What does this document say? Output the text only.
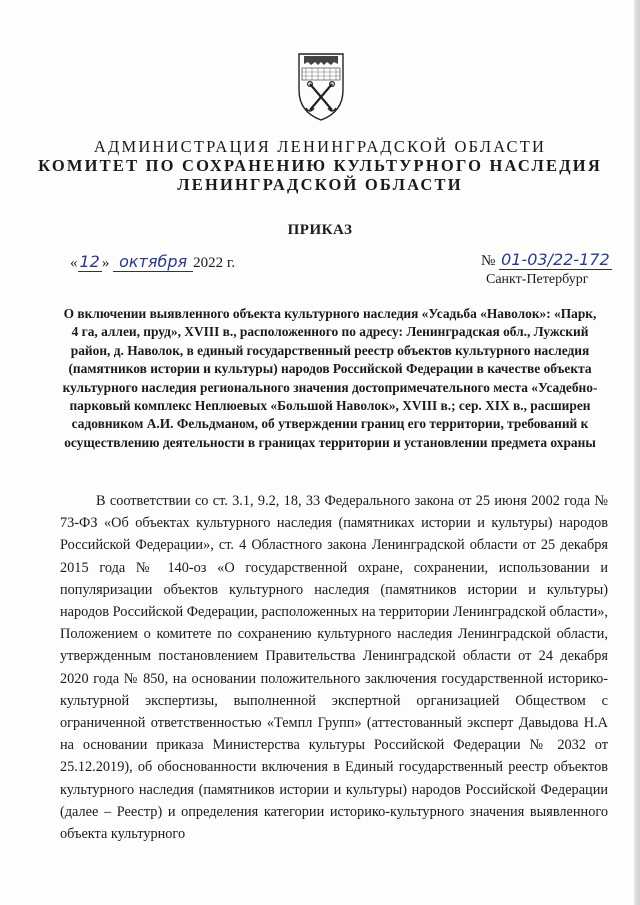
АДМИНИСТРАЦИЯ ЛЕНИНГРАДСКОЙ ОБЛАСТИ
КОМИТЕТ ПО СОХРАНЕНИЮ КУЛЬТУРНОГО НАСЛЕДИЯ
ЛЕНИНГРАДСКОЙ ОБЛАСТИ
ПРИКАЗ
« 12 » октября 2022 г.	№ 01-03/22-172
Санкт-Петербург
О включении выявленного объекта культурного наследия «Усадьба «Наволок»: «Парк, 4 га, аллеи, пруд», XVIII в., расположенного по адресу: Ленинградская обл., Лужский район, д. Наволок, в единый государственный реестр объектов культурного наследия (памятников истории и культуры) народов Российской Федерации в качестве объекта культурного наследия регионального значения достопримечательного места «Усадебно-парковый комплекс Неплюевых «Большой Наволок», XVIII в.; сер. XIX в., расширен садовником А.И. Фельдманом, об утверждении границ его территории, требований к осуществлению деятельности в границах территории и установлении предмета охраны
В соответствии со ст. 3.1, 9.2, 18, 33 Федерального закона от 25 июня 2002 года № 73-ФЗ «Об объектах культурного наследия (памятниках истории и культуры) народов Российской Федерации», ст. 4 Областного закона Ленинградской области от 25 декабря 2015 года № 140-оз «О государственной охране, сохранении, использовании и популяризации объектов культурного наследия (памятников истории и культуры) народов Российской Федерации, расположенных на территории Ленинградской области», Положением о комитете по сохранению культурного наследия Ленинградской области, утвержденным постановлением Правительства Ленинградской области от 24 декабря 2020 года № 850, на основании положительного заключения государственной историко-культурной экспертизы, выполненной экспертной организацией Обществом с ограниченной ответственностью «Темпл Групп» (аттестованный эксперт Давыдова Н.А на основании приказа Министерства культуры Российской Федерации № 2032 от 25.12.2019), об обоснованности включения в Единый государственный реестр объектов культурного наследия (памятников истории и культуры) народов Российской Федерации (далее – Реестр) и определения категории историко-культурного значения выявленного объекта культурного
